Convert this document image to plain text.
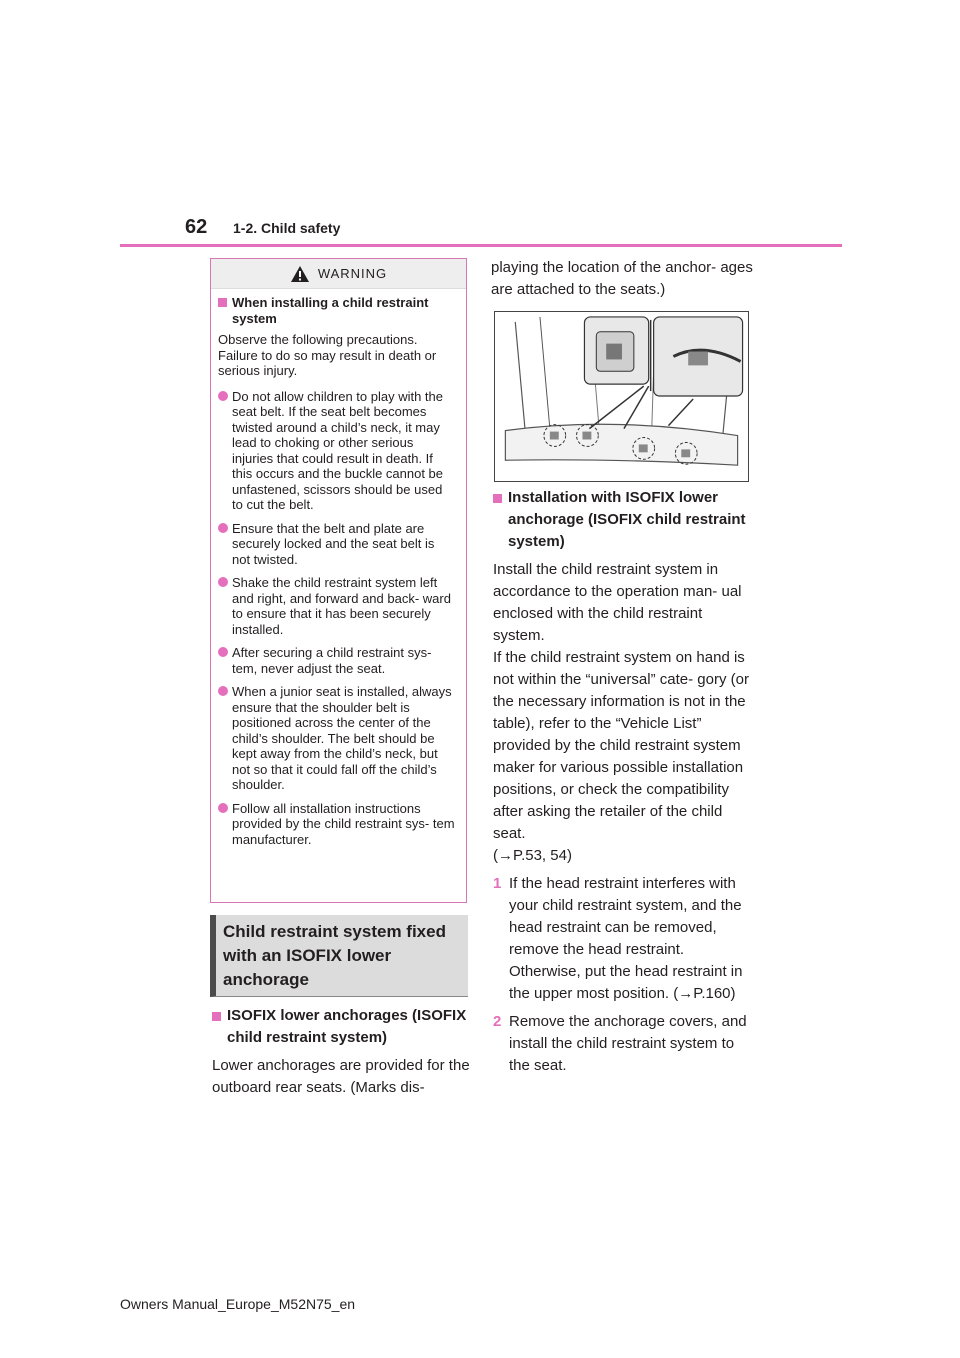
62 1-2. Child safety
WARNING
When installing a child restraint system
Observe the following precautions. Failure to do so may result in death or serious injury.
Do not allow children to play with the seat belt. If the seat belt becomes twisted around a child’s neck, it may lead to choking or other serious injuries that could result in death. If this occurs and the buckle cannot be unfastened, scissors should be used to cut the belt.
Ensure that the belt and plate are securely locked and the seat belt is not twisted.
Shake the child restraint system left and right, and forward and back- ward to ensure that it has been securely installed.
After securing a child restraint sys- tem, never adjust the seat.
When a junior seat is installed, always ensure that the shoulder belt is positioned across the center of the child’s shoulder. The belt should be kept away from the child’s neck, but not so that it could fall off the child’s shoulder.
Follow all installation instructions provided by the child restraint sys- tem manufacturer.
Child restraint system fixed with an ISOFIX lower anchorage
ISOFIX lower anchorages (ISOFIX child restraint system)

Lower anchorages are provided for the outboard rear seats. (Marks dis-

playing the location of the anchor- ages are attached to the seats.)

Installation with ISOFIX lower anchorage (ISOFIX child restraint system)

Install the child restraint system in accordance to the operation man- ual enclosed with the child restraint system.

If the child restraint system on hand is not within the “universal” cate- gory (or the necessary information is not in the table), refer to the “Vehicle List” provided by the child restraint system maker for various possible installation positions, or check the compatibility after asking the retailer of the child seat.

(→P.53, 54)

1 If the head restraint interferes with your child restraint system, and the head restraint can be removed, remove the head restraint. Otherwise, put the head restraint in the upper most position. (→P.160)
2 Remove the anchorage covers, and install the child restraint system to the seat.
Owners Manual_Europe_M52N75_en
